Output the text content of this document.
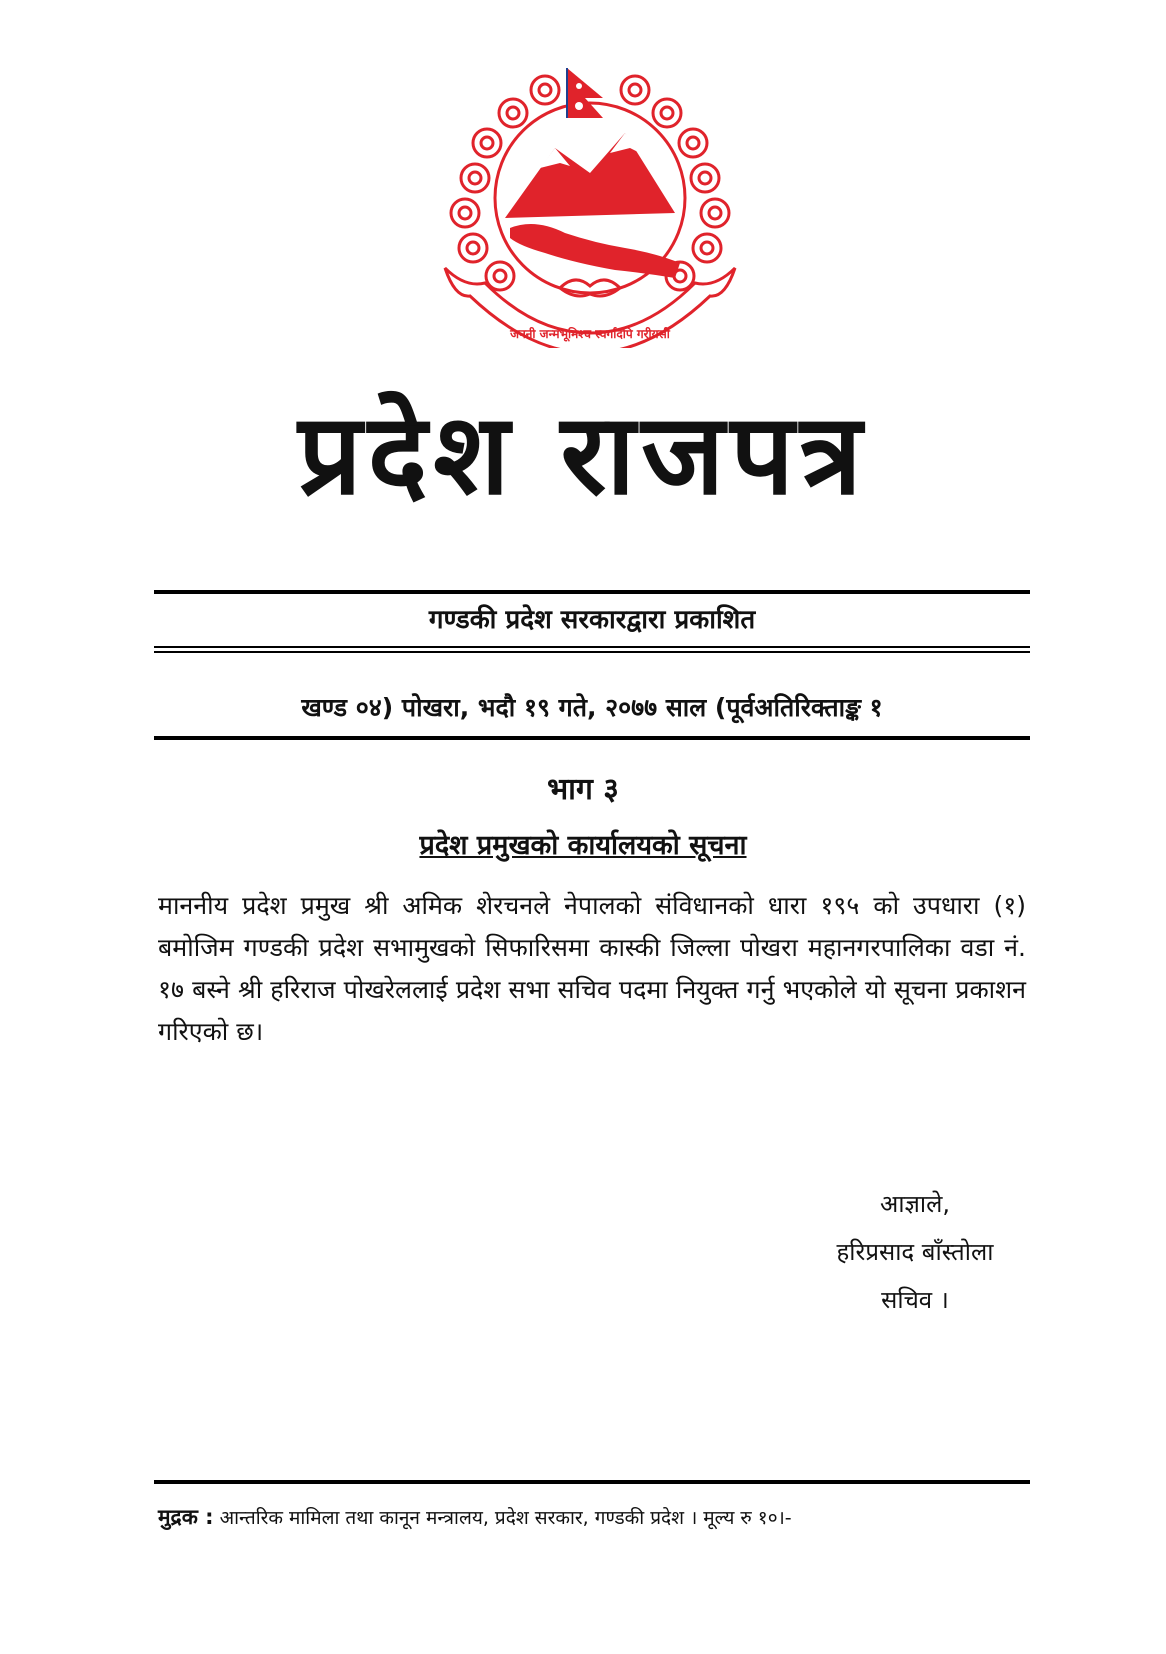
जननी जन्मभूमिश्च स्वर्गादपि गरीयसी
प्रदेश राजपत्र
गण्डकी प्रदेश सरकारद्वारा प्रकाशित
खण्ड ०४) पोखरा, भदौ १९ गते, २०७७ साल (पूर्वअतिरिक्ताङ्क १
भाग ३
प्रदेश प्रमुखको कार्यालयको सूचना
माननीय प्रदेश प्रमुख श्री अमिक शेरचनले नेपालको संविधानको धारा १९५ को उपधारा (१) बमोजिम गण्डकी प्रदेश सभामुखको सिफारिसमा कास्की जिल्ला पोखरा महानगरपालिका वडा नं. १७ बस्ने श्री हरिराज पोखरेललाई प्रदेश सभा सचिव पदमा नियुक्त गर्नु भएकोले यो सूचना प्रकाशन गरिएको छ।
आज्ञाले,
हरिप्रसाद बाँस्तोला
सचिव ।
मुद्रक : आन्तरिक मामिला तथा कानून मन्त्रालय, प्रदेश सरकार, गण्डकी प्रदेश । मूल्य रु १०।-
